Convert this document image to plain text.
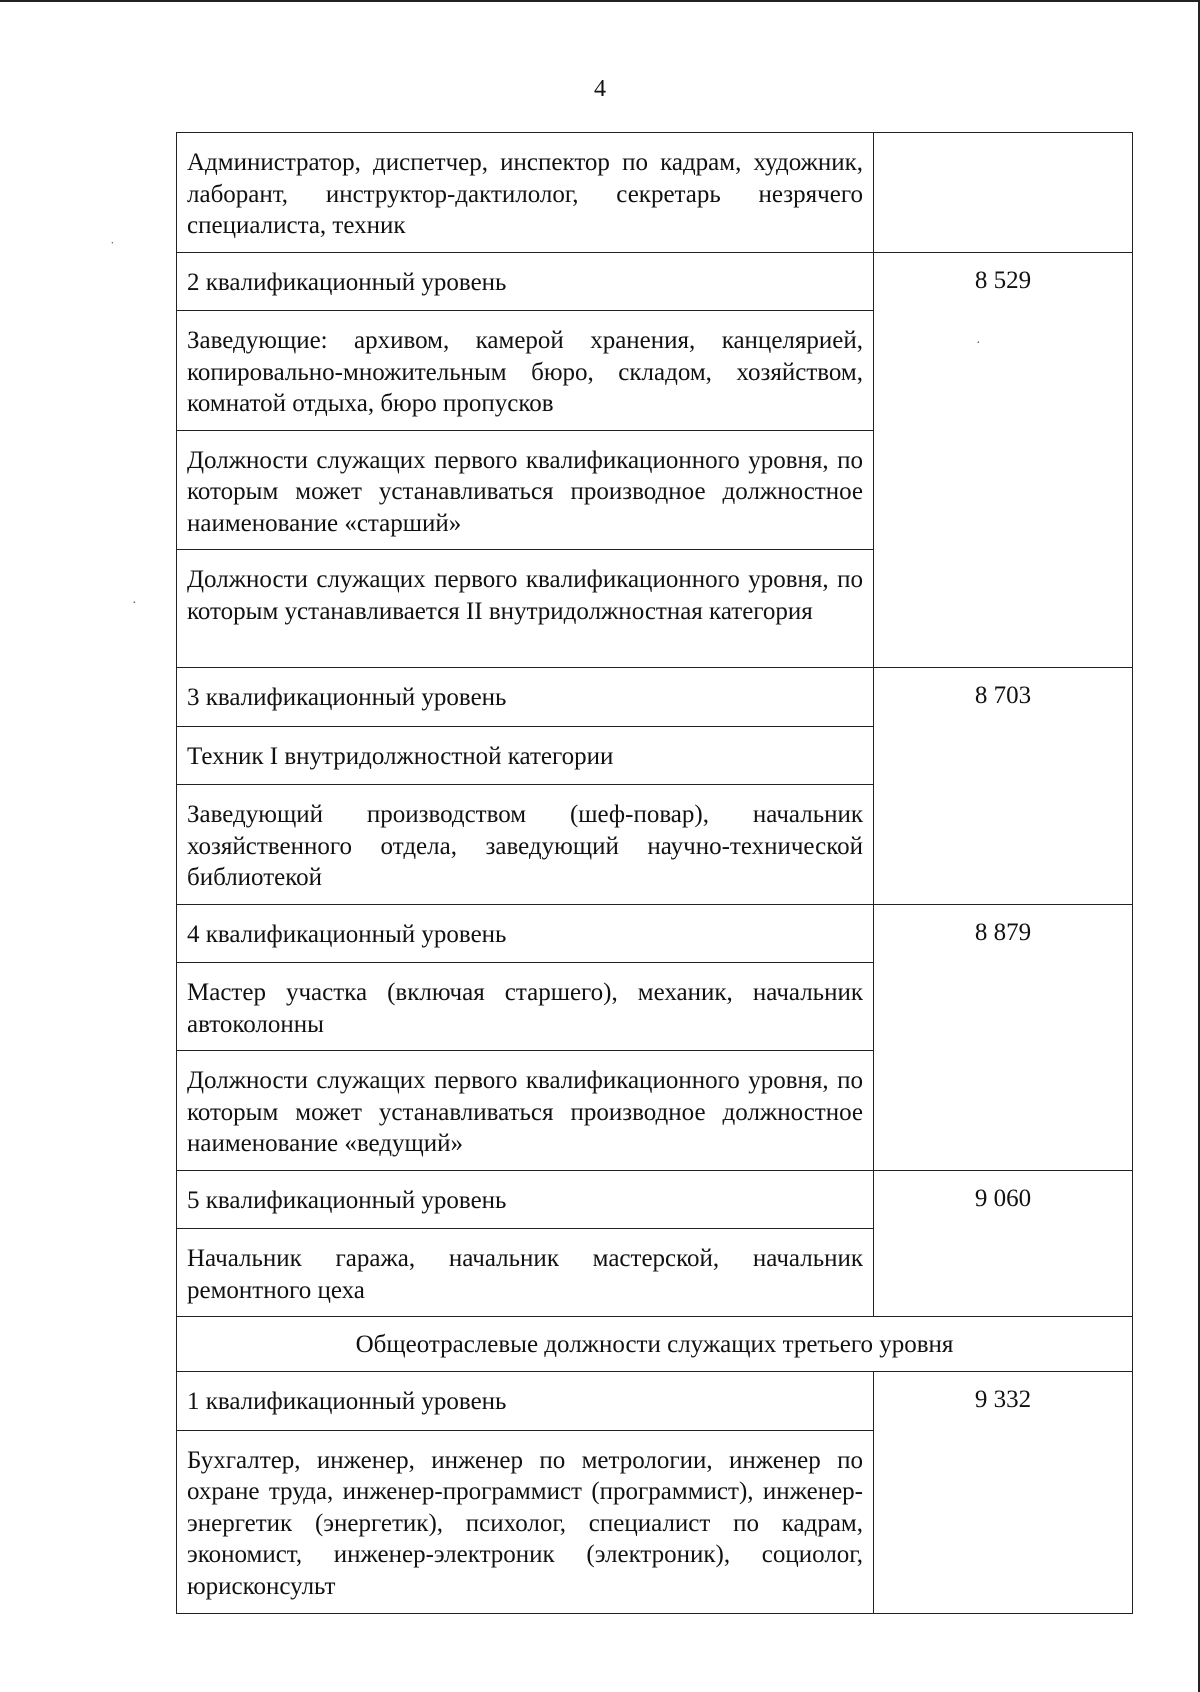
˙
·
·
4
Администратор, диспетчер, инспектор по кадрам, художник, лаборант, инструктор-дактилолог, секретарь незрячего специалиста, техник	

2 квалификационный уровень	8 529

Заведующие: архивом, камерой хранения, канцелярией, копировально-множительным бюро, складом, хозяйством, комнатой отдыха, бюро пропусков	

Должности служащих первого квалификационного уровня, по которым может устанавливаться производное должностное наименование «старший»	

Должности служащих первого квалификационного уровня, по которым устанавливается II внутридолжностная категория	

3 квалификационный уровень	8 703

Техник I внутридолжностной категории	

Заведующий производством (шеф-повар), начальник хозяйственного отдела, заведующий научно-технической библиотекой	

4 квалификационный уровень	8 879

Мастер участка (включая старшего), механик, начальник автоколонны	

Должности служащих первого квалификационного уровня, по которым может устанавливаться производное должностное наименование «ведущий»	

5 квалификационный уровень	9 060

Начальник гаража, начальник мастерской, начальник ремонтного цеха	

Общеотраслевые должности служащих третьего уровня	

1 квалификационный уровень	9 332

Бухгалтер, инженер, инженер по метрологии, инженер по охране труда, инженер-программист (программист), инженер-энергетик (энергетик), психолог, специалист по кадрам, экономист, инженер-электроник (электроник), социолог, юрисконсульт	
